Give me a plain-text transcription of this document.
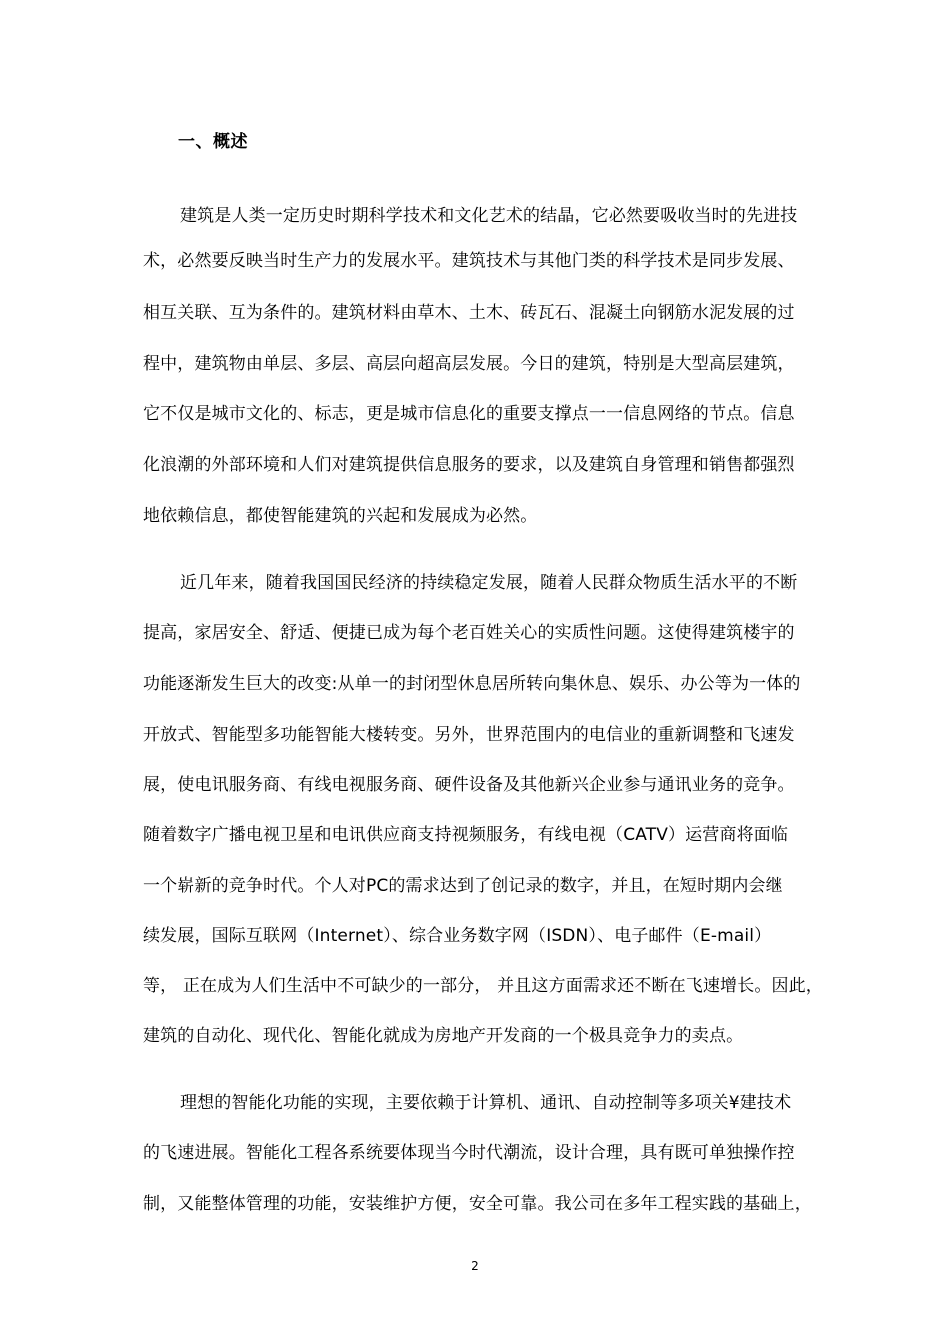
一、概述
建筑是人类一定历史时期科学技术和文化艺术的结晶，它必然要吸收当时的先进技
术，必然要反映当时生产力的发展水平。建筑技术与其他门类的科学技术是同步发展、
相互关联、互为条件的。建筑材料由草木、土木、砖瓦石、混凝土向钢筋水泥发展的过
程中，建筑物由单层、多层、高层向超高层发展。今日的建筑，特别是大型高层建筑，
它不仅是城市文化的、标志，更是城市信息化的重要支撑点一一信息网络的节点。信息
化浪潮的外部环境和人们对建筑提供信息服务的要求，以及建筑自身管理和销售都强烈
地依赖信息，都使智能建筑的兴起和发展成为必然。
近几年来，随着我国国民经济的持续稳定发展，随着人民群众物质生活水平的不断
提高，家居安全、舒适、便捷已成为每个老百姓关心的实质性问题。这使得建筑楼宇的
功能逐渐发生巨大的改变:从单一的封闭型休息居所转向集休息、娱乐、办公等为一体的
开放式、智能型多功能智能大楼转变。另外，世界范围内的电信业的重新调整和飞速发
展，使电讯服务商、有线电视服务商、硬件设备及其他新兴企业参与通讯业务的竞争。
随着数字广播电视卫星和电讯供应商支持视频服务，有线电视（CATV）运营商将面临
一个崭新的竞争时代。个人对PC的需求达到了创记录的数字，并且，在短时期内会继
续发展，国际互联网（Internet）、综合业务数字网（ISDN）、电子邮件（E-mail）
等， 正在成为人们生活中不可缺少的一部分， 并且这方面需求还不断在飞速增长。因此，
建筑的自动化、现代化、智能化就成为房地产开发商的一个极具竞争力的卖点。
理想的智能化功能的实现，主要依赖于计算机、通讯、自动控制等多项关¥建技术
的飞速进展。智能化工程各系统要体现当今时代潮流，设计合理，具有既可单独操作控
制，又能整体管理的功能，安装维护方便，安全可靠。我公司在多年工程实践的基础上，
2
